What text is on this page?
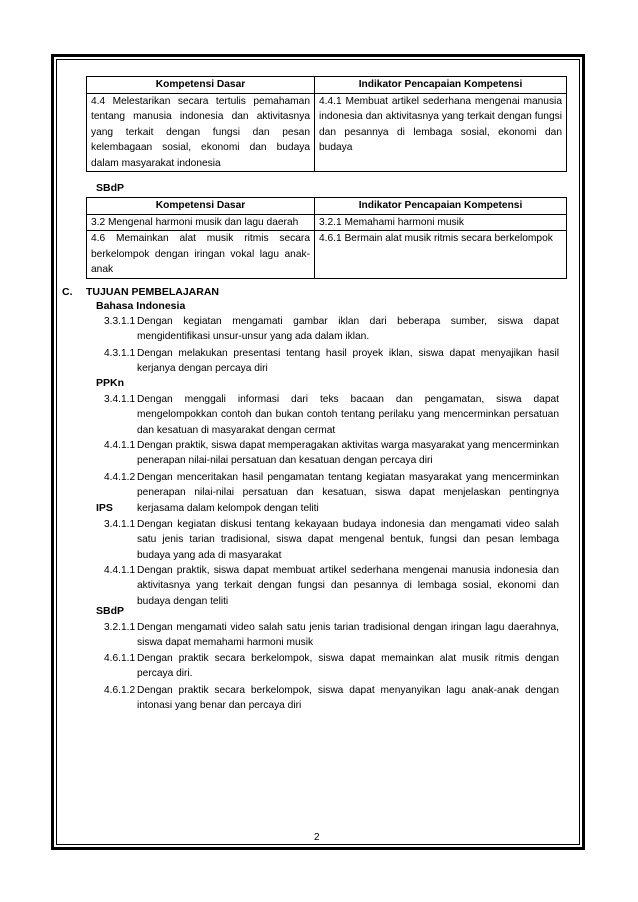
Kompetensi Dasar	Indikator Pencapaian Kompetensi
4.4 Melestarikan secara tertulis pemahaman tentang manusia indonesia dan aktivitasnya yang terkait dengan fungsi dan pesan kelembagaan sosial, ekonomi dan budaya dalam masyarakat indonesia	4.4.1 Membuat artikel sederhana mengenai manusia indonesia dan aktivitasnya yang terkait dengan fungsi dan pesannya di lembaga sosial, ekonomi dan budaya
SBdP
Kompetensi Dasar	Indikator Pencapaian Kompetensi
3.2 Mengenal harmoni musik dan lagu daerah	3.2.1 Memahami harmoni musik
4.6 Memainkan alat musik ritmis secara berkelompok dengan iringan vokal lagu anak-anak	4.6.1 Bermain alat musik ritmis secara berkelompok
C. TUJUAN PEMBELAJARAN
Bahasa Indonesia
3.3.1.1 Dengan kegiatan mengamati gambar iklan dari beberapa sumber, siswa dapat mengidentifikasi unsur-unsur yang ada dalam iklan.
4.3.1.1 Dengan melakukan presentasi tentang hasil proyek iklan, siswa dapat menyajikan hasil kerjanya dengan percaya diri
PPKn
3.4.1.1 Dengan menggali informasi dari teks bacaan dan pengamatan, siswa dapat mengelompokkan contoh dan bukan contoh tentang perilaku yang mencerminkan persatuan dan kesatuan di masyarakat dengan cermat
4.4.1.1 Dengan praktik, siswa dapat memperagakan aktivitas warga masyarakat yang mencerminkan penerapan nilai-nilai persatuan dan kesatuan dengan percaya diri
4.4.1.2 Dengan menceritakan hasil pengamatan tentang kegiatan masyarakat yang mencerminkan penerapan nilai-nilai persatuan dan kesatuan, siswa dapat menjelaskan pentingnya kerjasama dalam kelompok dengan teliti
IPS
3.4.1.1 Dengan kegiatan diskusi tentang kekayaan budaya indonesia dan mengamati video salah satu jenis tarian tradisional, siswa dapat mengenal bentuk, fungsi dan pesan lembaga budaya yang ada di masyarakat
4.4.1.1 Dengan praktik, siswa dapat membuat artikel sederhana mengenai manusia indonesia dan aktivitasnya yang terkait dengan fungsi dan pesannya di lembaga sosial, ekonomi dan budaya dengan teliti
SBdP
3.2.1.1 Dengan mengamati video salah satu jenis tarian tradisional dengan iringan lagu daerahnya, siswa dapat memahami harmoni musik
4.6.1.1 Dengan praktik secara berkelompok, siswa dapat memainkan alat musik ritmis dengan percaya diri.
4.6.1.2 Dengan praktik secara berkelompok, siswa dapat menyanyikan lagu anak-anak dengan intonasi yang benar dan percaya diri
2
